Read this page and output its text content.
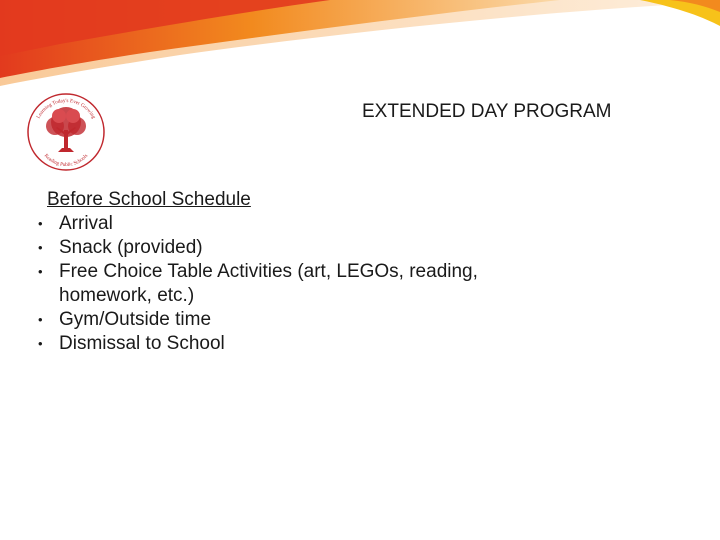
Learning Today's Ever Growing
Reading Public Schools
EXTENDED DAY PROGRAM
Before School Schedule
• Arrival
• Snack (provided)
• Free Choice Table Activities (art, LEGOs, reading, homework, etc.)
• Gym/Outside time
• Dismissal to School
